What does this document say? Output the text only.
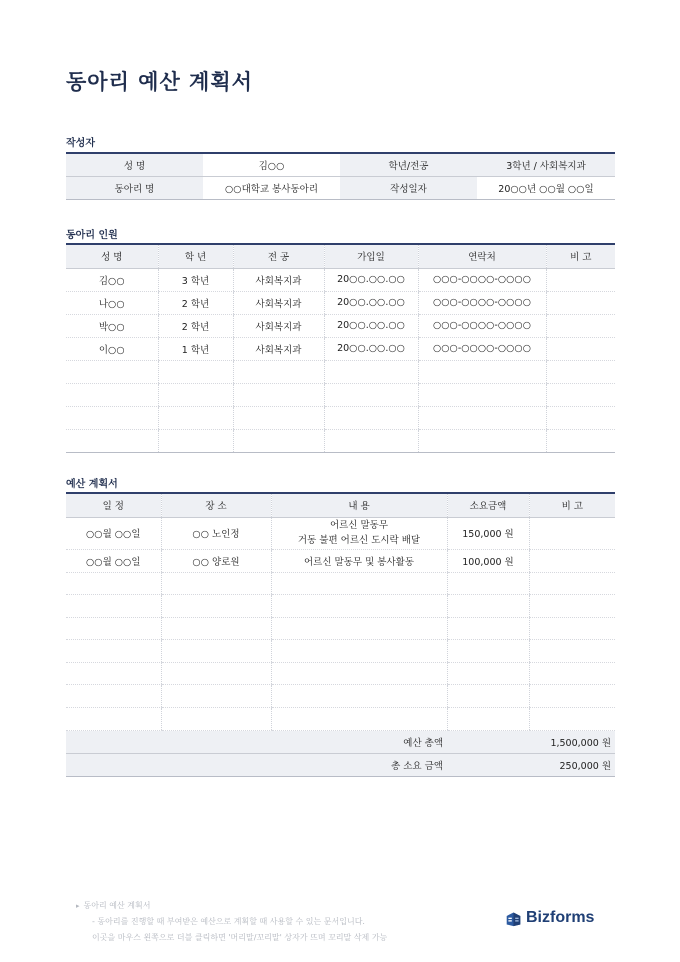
동아리 예산 계획서
작성자
성 명	김○○	학년/전공	3학년 / 사회복지과
동아리 명	○○대학교 봉사동아리	작성일자	20○○년 ○○월 ○○일
동아리 인원
성 명	학 년	전 공	가입일	연락처	비 고
김○○	3 학년	사회복지과	20○○.○○.○○	○○○-○○○○-○○○○	
나○○	2 학년	사회복지과	20○○.○○.○○	○○○-○○○○-○○○○	
박○○	2 학년	사회복지과	20○○.○○.○○	○○○-○○○○-○○○○	
이○○	1 학년	사회복지과	20○○.○○.○○	○○○-○○○○-○○○○	

예산 계획서
일 정	장 소	내 용	소요금액	비 고
○○월 ○○일	○○ 노인정	어르신 말동무
거동 불편 어르신 도시락 배달	150,000 원	
○○월 ○○일	○○ 양로원	어르신 말동무 및 봉사활동	100,000 원	

예산 총액			1,500,000 원	
총 소요 금액			250,000 원	
▸ 동아리 예산 계획서
- 동아리를 진행할 때 부여받은 예산으로 계획할 때 사용할 수 있는 문서입니다.
이곳을 마우스 왼쪽으로 더블 클릭하면 '머리말/꼬리말' 상자가 뜨며 꼬리말 삭제 가능
Bizforms
